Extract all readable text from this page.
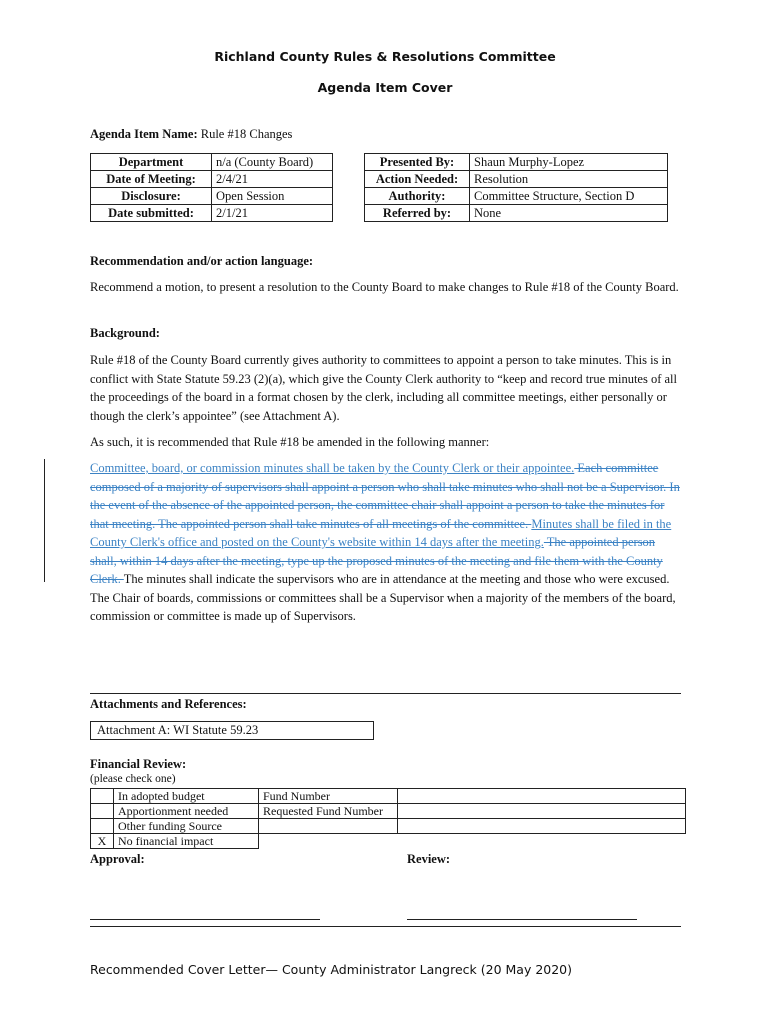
Richland County Rules & Resolutions Committee
Agenda Item Cover
Agenda Item Name: Rule #18 Changes
Department	n/a (County Board)
Date of Meeting:	2/4/21
Disclosure:	Open Session
Date submitted:	2/1/21
Presented By:	Shaun Murphy-Lopez
Action Needed:	Resolution
Authority:	Committee Structure, Section D
Referred by:	None
Recommendation and/or action language:
Recommend a motion, to present a resolution to the County Board to make changes to Rule #18 of the County Board.
Background:
Rule #18 of the County Board currently gives authority to committees to appoint a person to take minutes. This is in conflict with State Statute 59.23 (2)(a), which give the County Clerk authority to “keep and record true minutes of all the proceedings of the board in a format chosen by the clerk, including all committee meetings, either personally or though the clerk’s appointee” (see Attachment A).
As such, it is recommended that Rule #18 be amended in the following manner:
Committee, board, or commission minutes shall be taken by the County Clerk or their appointee. Each committee composed of a majority of supervisors shall appoint a person who shall take minutes who shall not be a Supervisor. In the event of the absence of the appointed person, the committee chair shall appoint a person to take the minutes for that meeting. The appointed person shall take minutes of all meetings of the committee. Minutes shall be filed in the County Clerk's office and posted on the County's website within 14 days after the meeting. The appointed person shall, within 14 days after the meeting, type up the proposed minutes of the meeting and file them with the County Clerk. The minutes shall indicate the supervisors who are in attendance at the meeting and those who were excused. The Chair of boards, commissions or committees shall be a Supervisor when a majority of the members of the board, commission or committee is made up of Supervisors.
Attachments and References:
Attachment A: WI Statute 59.23
Financial Review:
(please check one)
	In adopted budget	Fund Number	
	Apportionment needed	Requested Fund Number	
	Other funding Source		
X	No financial impact		
Approval:	Review:
Recommended Cover Letter— County Administrator Langreck (20 May 2020)
